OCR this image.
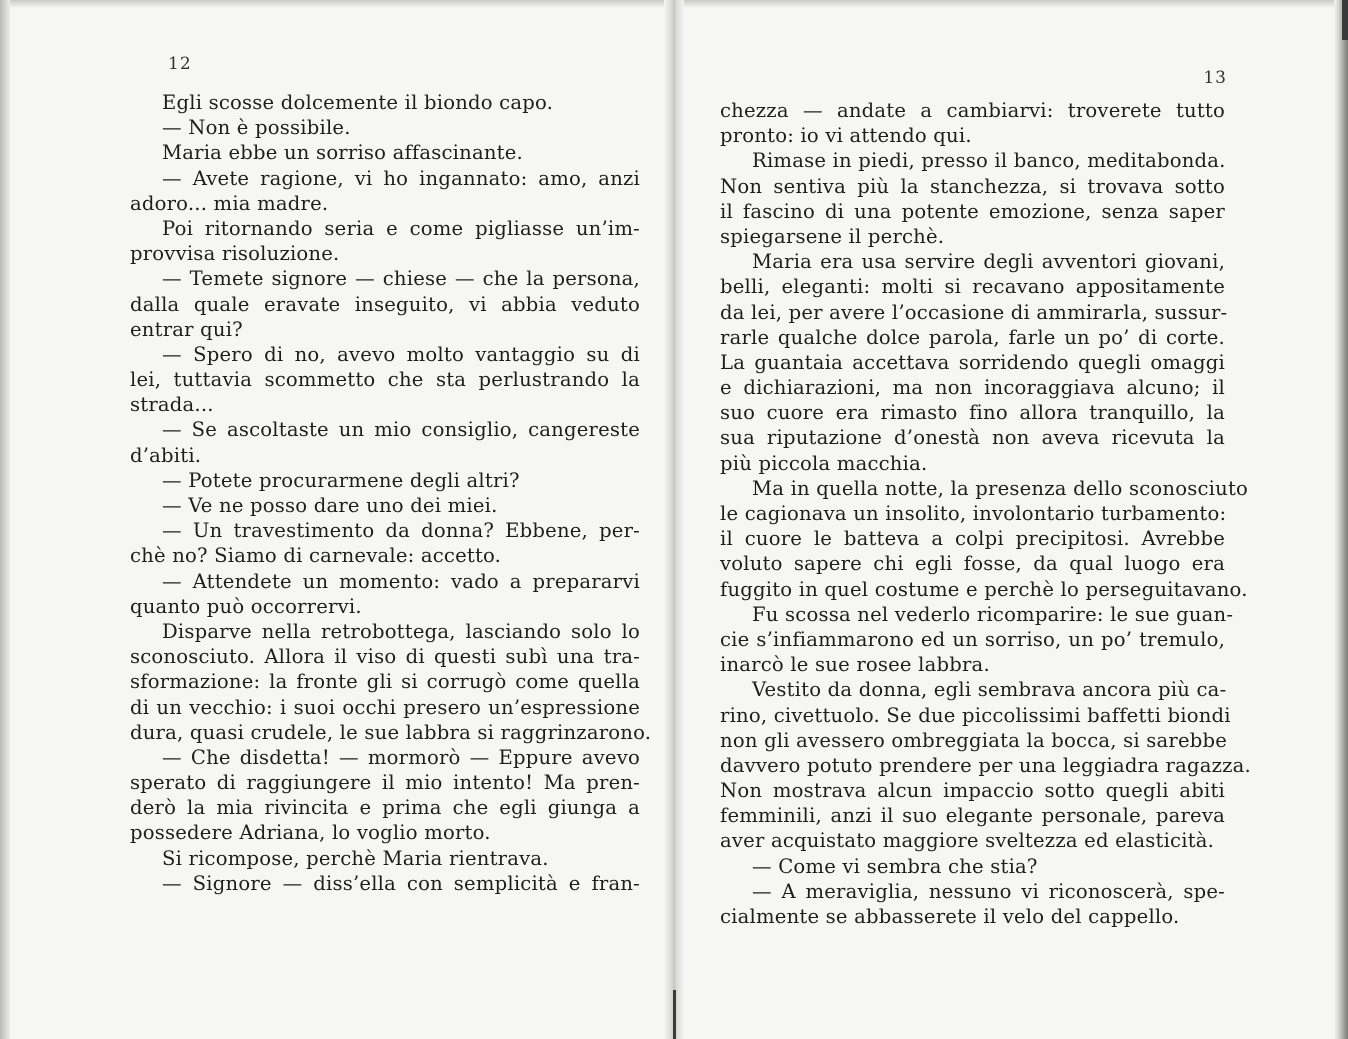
12
Egli scosse dolcemente il biondo capo.
— Non è possibile.
Maria ebbe un sorriso affascinante.
— Avete ragione, vi ho ingannato: amo, anzi
adoro... mia madre.
Poi ritornando seria e come pigliasse un’im-
provvisa risoluzione.
— Temete signore — chiese — che la persona,
dalla quale eravate inseguito, vi abbia veduto
entrar qui?
— Spero di no, avevo molto vantaggio su di
lei, tuttavia scommetto che sta perlustrando la
strada...
— Se ascoltaste un mio consiglio, cangereste
d’abiti.
— Potete procurarmene degli altri?
— Ve ne posso dare uno dei miei.
— Un travestimento da donna? Ebbene, per-
chè no? Siamo di carnevale: accetto.
— Attendete un momento: vado a prepararvi
quanto può occorrervi.
Disparve nella retrobottega, lasciando solo lo
sconosciuto. Allora il viso di questi subì una tra-
sformazione: la fronte gli si corrugò come quella
di un vecchio: i suoi occhi presero un’espressione
dura, quasi crudele, le sue labbra si raggrinzarono.
— Che disdetta! — mormorò — Eppure avevo
sperato di raggiungere il mio intento! Ma pren-
derò la mia rivincita e prima che egli giunga a
possedere Adriana, lo voglio morto.
Si ricompose, perchè Maria rientrava.
— Signore — diss’ella con semplicità e fran-
13
chezza — andate a cambiarvi: troverete tutto
pronto: io vi attendo qui.
Rimase in piedi, presso il banco, meditabonda.
Non sentiva più la stanchezza, si trovava sotto
il fascino di una potente emozione, senza saper
spiegarsene il perchè.
Maria era usa servire degli avventori giovani,
belli, eleganti: molti si recavano appositamente
da lei, per avere l’occasione di ammirarla, sussur-
rarle qualche dolce parola, farle un po’ di corte.
La guantaia accettava sorridendo quegli omaggi
e dichiarazioni, ma non incoraggiava alcuno; il
suo cuore era rimasto fino allora tranquillo, la
sua riputazione d’onestà non aveva ricevuta la
più piccola macchia.
Ma in quella notte, la presenza dello sconosciuto
le cagionava un insolito, involontario turbamento:
il cuore le batteva a colpi precipitosi. Avrebbe
voluto sapere chi egli fosse, da qual luogo era
fuggito in quel costume e perchè lo perseguitavano.
Fu scossa nel vederlo ricomparire: le sue guan-
cie s’infiammarono ed un sorriso, un po’ tremulo,
inarcò le sue rosee labbra.
Vestito da donna, egli sembrava ancora più ca-
rino, civettuolo. Se due piccolissimi baffetti biondi
non gli avessero ombreggiata la bocca, si sarebbe
davvero potuto prendere per una leggiadra ragazza.
Non mostrava alcun impaccio sotto quegli abiti
femminili, anzi il suo elegante personale, pareva
aver acquistato maggiore sveltezza ed elasticità.
— Come vi sembra che stia?
— A meraviglia, nessuno vi riconoscerà, spe-
cialmente se abbasserete il velo del cappello.
